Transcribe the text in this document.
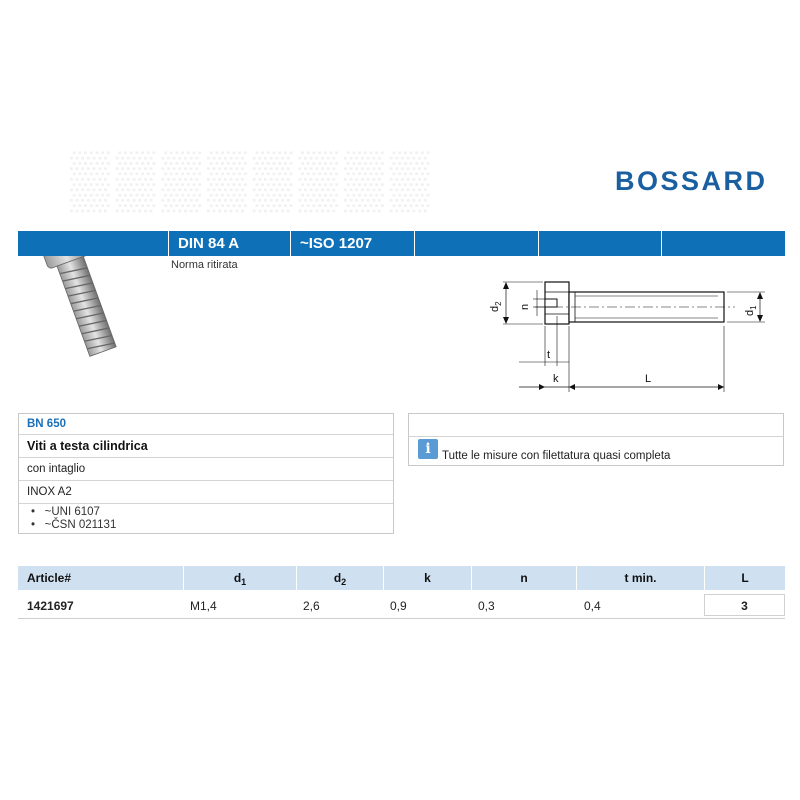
▒▒▒▒▒▒▒▒	BOSSARD
DIN 84 A	~ISO 1207
Norma ritirata
$d_2$
n
$d_1$
t
k	L
BN 650
Viti a testa cilindrica
con intaglio
INOX A2
•   ~UNI 6107
•   ~ČSN 021131
i Tutte le misure con filettatura quasi completa
Article#	$d_1$	$d_2$	k	n	t min.	L
1421697	M1,4	2,6	0,9	0,3	0,4	3
